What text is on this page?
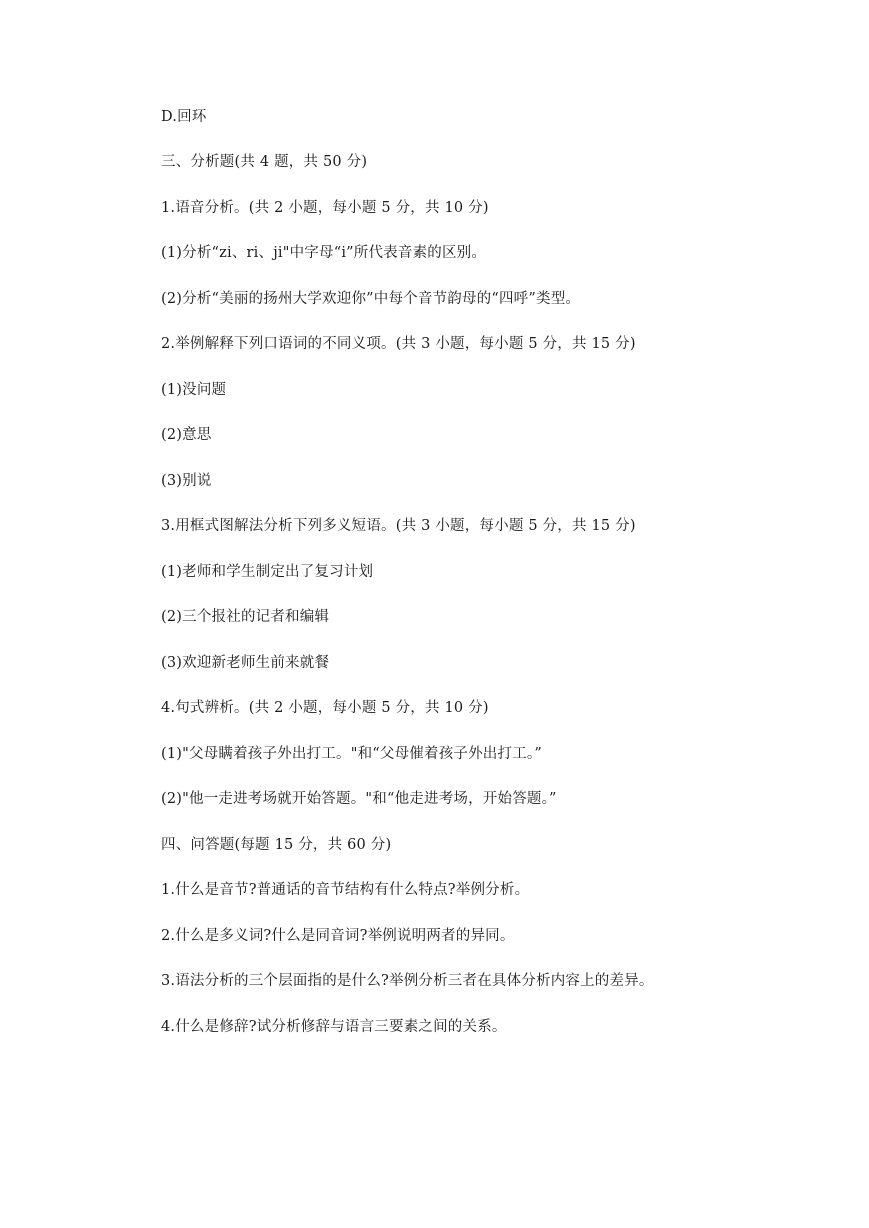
D.回环

三、分析题(共 4 题，共 50 分)

1.语音分析。(共 2 小题，每小题 5 分，共 10 分)

(1)分析“zi、ri、ji"中字母“i”所代表音素的区别。

(2)分析“美丽的扬州大学欢迎你”中每个音节韵母的“四呼”类型。

2.举例解释下列口语词的不同义项。(共 3 小题，每小题 5 分，共 15 分)

(1)没问题

(2)意思

(3)别说

3.用框式图解法分析下列多义短语。(共 3 小题，每小题 5 分，共 15 分)

(1)老师和学生制定出了复习计划

(2)三个报社的记者和编辑

(3)欢迎新老师生前来就餐

4.句式辨析。(共 2 小题，每小题 5 分，共 10 分)

(1)"父母瞒着孩子外出打工。"和“父母催着孩子外出打工。”

(2)"他一走进考场就开始答题。"和“他走进考场，开始答题。”

四、问答题(每题 15 分，共 60 分)

1.什么是音节?普通话的音节结构有什么特点?举例分析。

2.什么是多义词?什么是同音词?举例说明两者的异同。

3.语法分析的三个层面指的是什么?举例分析三者在具体分析内容上的差异。

4.什么是修辞?试分析修辞与语言三要素之间的关系。
